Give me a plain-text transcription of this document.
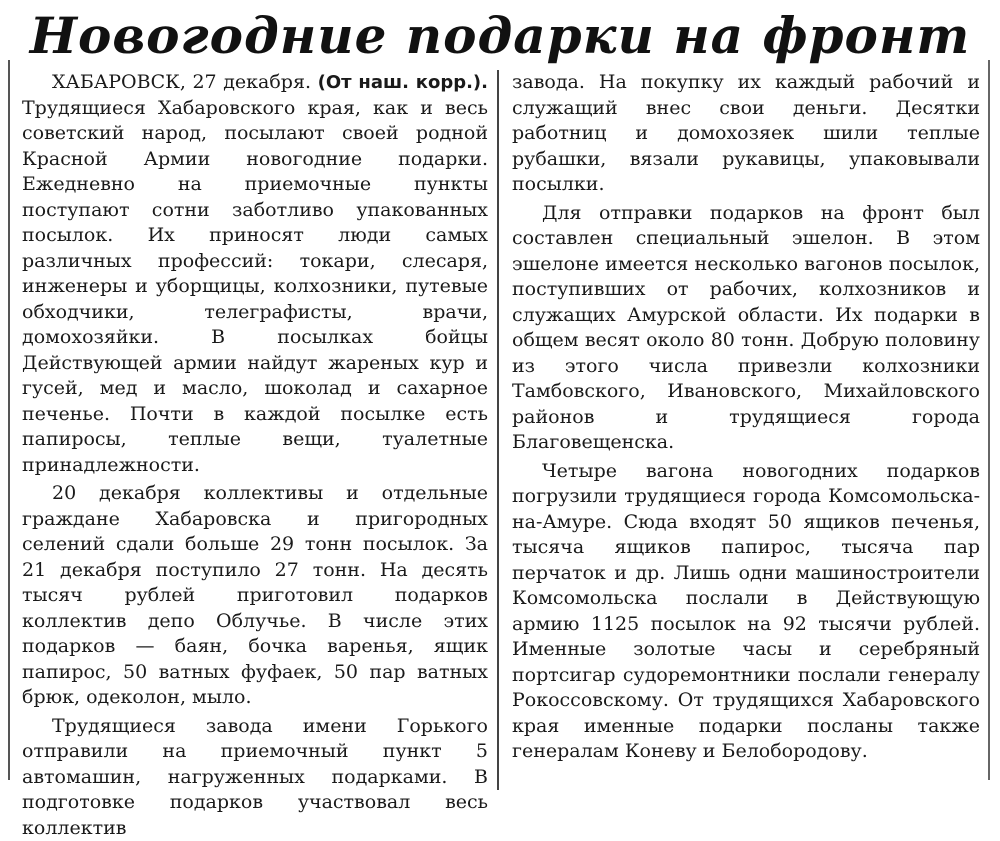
Новогодние подарки на фронт

ХАБАРОВСК, 27 декабря. (От наш. корр.). Трудящиеся Хабаровского края, как и весь советский народ, посылают своей родной Красной Армии новогодние подарки. Ежедневно на приемочные пункты поступают сотни заботливо упакованных посылок. Их приносят люди самых различных профессий: токари, слесаря, инженеры и уборщицы, колхозники, путевые обходчики, телеграфисты, врачи, домохозяйки. В посылках бойцы Действующей армии найдут жареных кур и гусей, мед и масло, шоколад и сахарное печенье. Почти в каждой посылке есть папиросы, теплые вещи, туалетные принадлежности.

20 декабря коллективы и отдельные граждане Хабаровска и пригородных селений сдали больше 29 тонн посылок. За 21 декабря поступило 27 тонн. На десять тысяч рублей приготовил подарков коллектив депо Облучье. В числе этих подарков — баян, бочка варенья, ящик папирос, 50 ватных фуфаек, 50 пар ватных брюк, одеколон, мыло.

Трудящиеся завода имени Горького отправили на приемочный пункт 5 автомашин, нагруженных подарками. В подготовке подарков участвовал весь коллектив

завода. На покупку их каждый рабочий и служащий внес свои деньги. Десятки работниц и домохозяек шили теплые рубашки, вязали рукавицы, упаковывали посылки.

Для отправки подарков на фронт был составлен специальный эшелон. В этом эшелоне имеется несколько вагонов посылок, поступивших от рабочих, колхозников и служащих Амурской области. Их подарки в общем весят около 80 тонн. Добрую половину из этого числа привезли колхозники Тамбовского, Ивановского, Михайловского районов и трудящиеся города Благовещенска.

Четыре вагона новогодних подарков погрузили трудящиеся города Комсомольска-на-Амуре. Сюда входят 50 ящиков печенья, тысяча ящиков папирос, тысяча пар перчаток и др. Лишь одни машиностроители Комсомольска послали в Действующую армию 1125 посылок на 92 тысячи рублей. Именные золотые часы и серебряный портсигар судоремонтники послали генералу Рокоссовскому. От трудящихся Хабаровского края именные подарки посланы также генералам Коневу и Белобородову.
